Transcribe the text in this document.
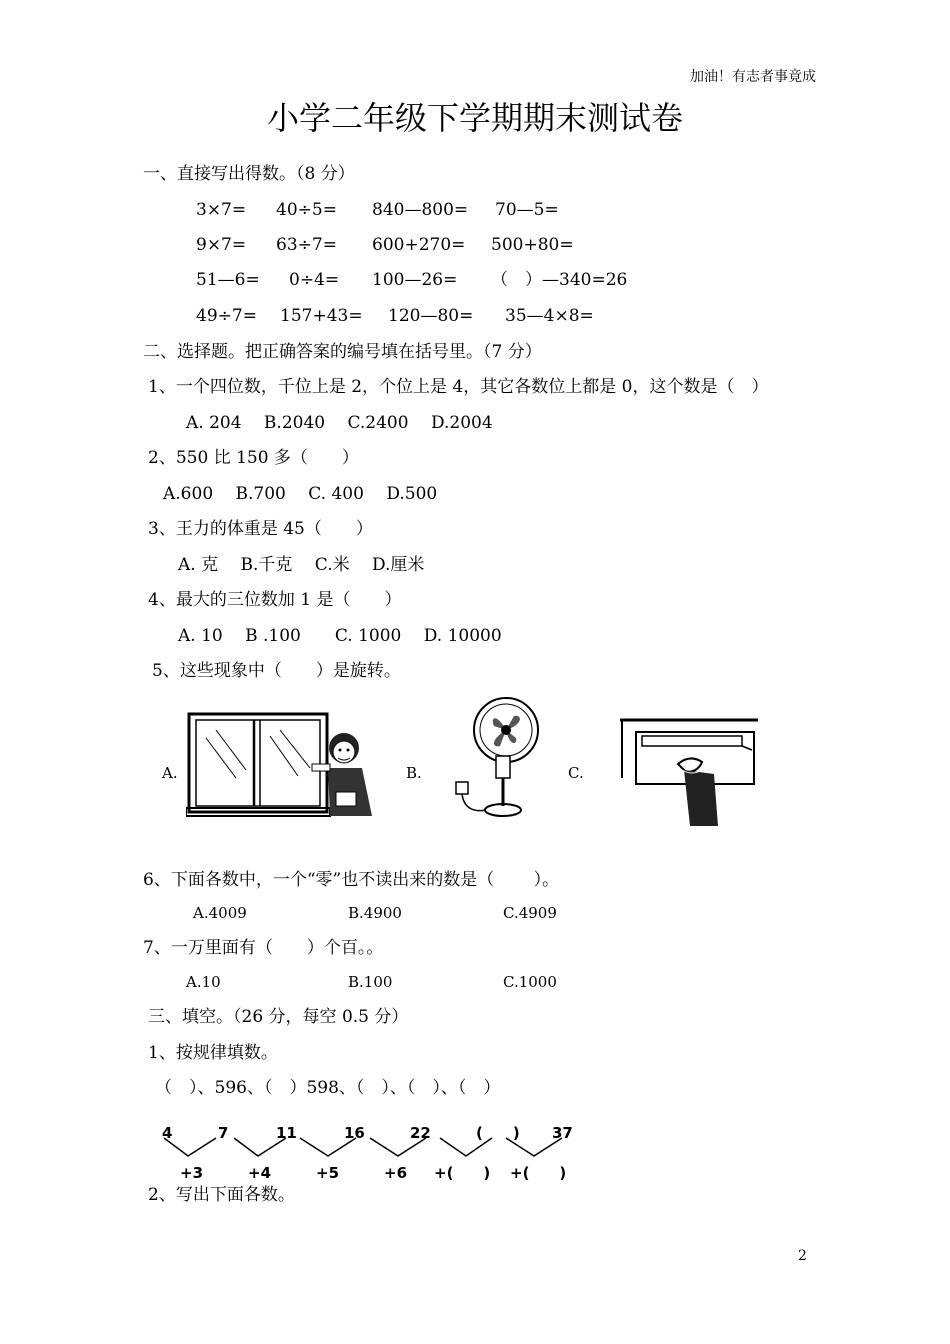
加油！有志者事竟成
小学二年级下学期期末测试卷
一、直接写出得数。（8 分）
3×7= 40÷5= 840—800= 70—5=
9×7= 63÷7= 600+270= 500+80=
51—6= 0÷4= 100—26= （　）—340=26
49÷7= 157+43= 120—80= 35—4×8=
二、选择题。把正确答案的编号填在括号里。（7 分）
1、一个四位数，千位上是 2，个位上是 4，其它各数位上都是 0，这个数是（　）
A. 204　 B.2040　 C.2400　 D.2004
2、550 比 150 多（　　）
A.600　 B.700　 C. 400　 D.500
3、王力的体重是 45（　　）
A. 克　 B.千克　 C.米　 D.厘米
4、最大的三位数加 1 是（　　）
A. 10　 B .100　　C. 1000　 D. 10000
5、这些现象中（　　）是旋转。
A.	B.	C.
6、下面各数中，一个“零”也不读出来的数是（　　 ）。
A.4009	B.4900	C.4909
7、一万里面有（　　）个百。。
A.10	B.100	C.1000
三、填空。（26 分，每空 0.5 分）
1、按规律填数。
（　）、596、（　）598、（　）、（　）、（　）
4	7	11	16	22	(　　) 37
+3	+4	+5	+6 +(　　) +(　　)
2、写出下面各数。
2
